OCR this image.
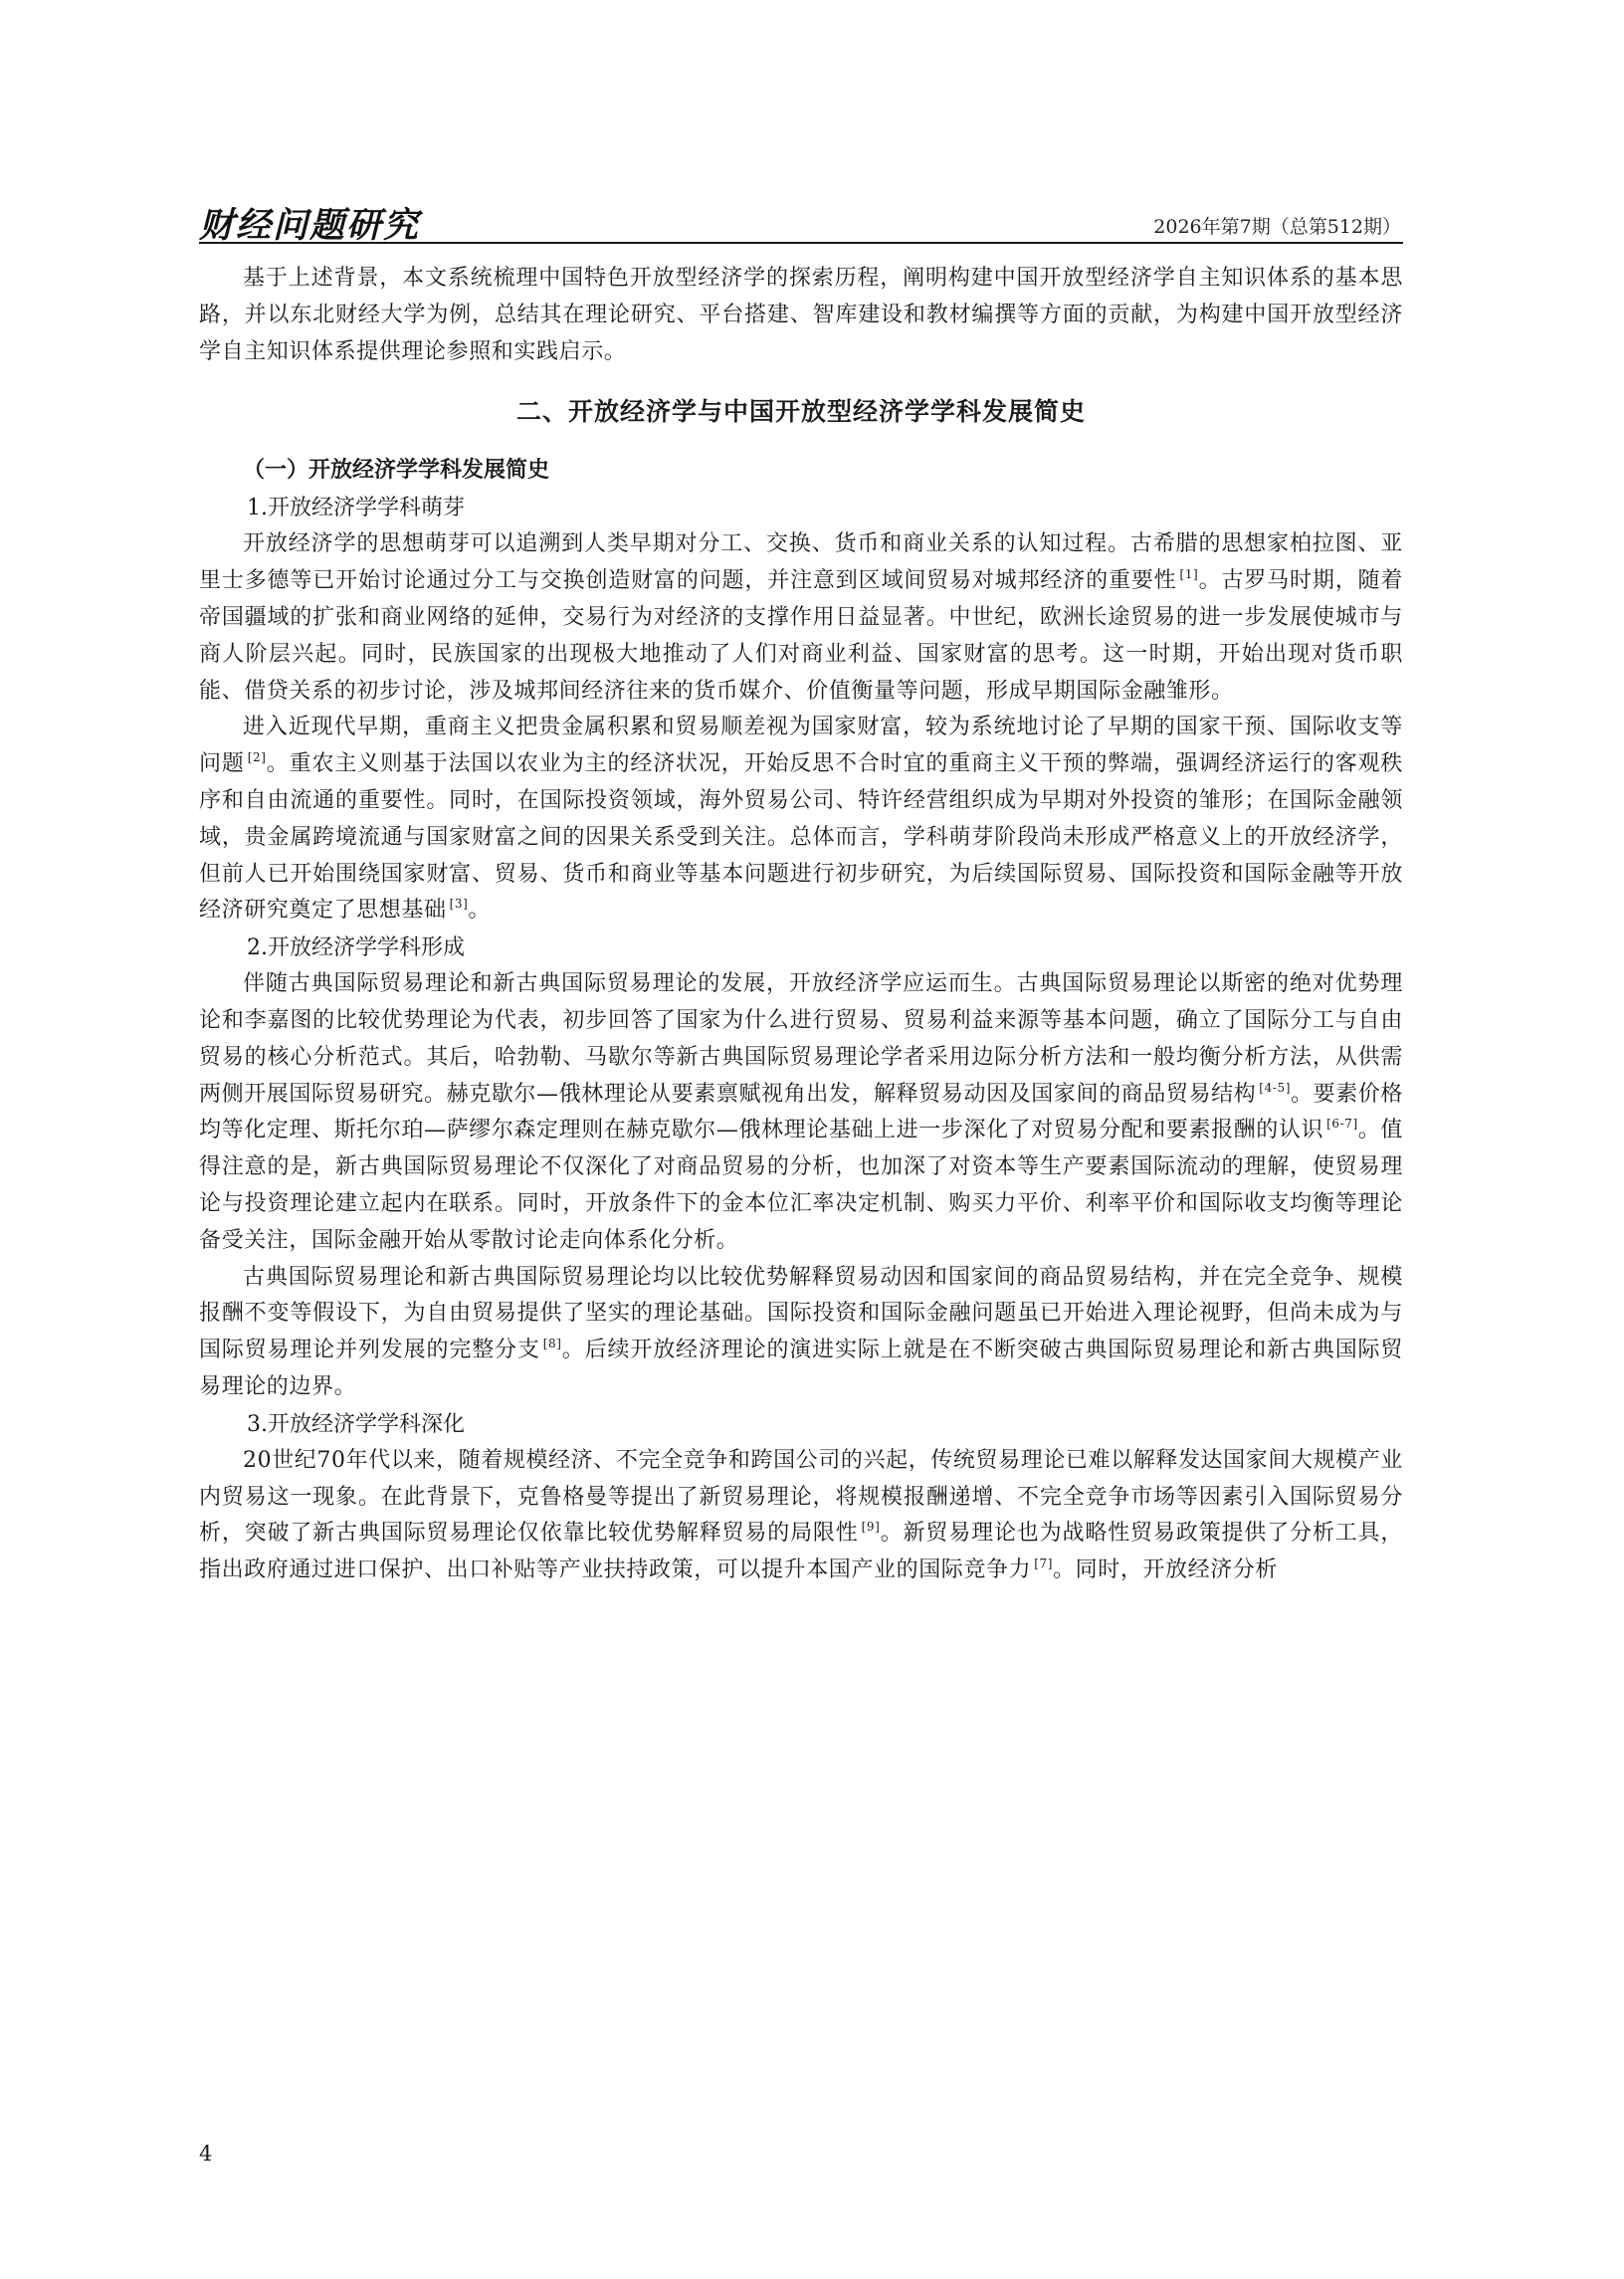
财经问题研究	2026年第7期（总第512期）

基于上述背景，本文系统梳理中国特色开放型经济学的探索历程，阐明构建中国开放型经济学自主知识体系的基本思路，并以东北财经大学为例，总结其在理论研究、平台搭建、智库建设和教材编撰等方面的贡献，为构建中国开放型经济学自主知识体系提供理论参照和实践启示。

二、开放经济学与中国开放型经济学学科发展简史
（一）开放经济学学科发展简史
1.开放经济学学科萌芽

开放经济学的思想萌芽可以追溯到人类早期对分工、交换、货币和商业关系的认知过程。古希腊的思想家柏拉图、亚里士多德等已开始讨论通过分工与交换创造财富的问题，并注意到区域间贸易对城邦经济的重要性 [1]。古罗马时期，随着帝国疆域的扩张和商业网络的延伸，交易行为对经济的支撑作用日益显著。中世纪，欧洲长途贸易的进一步发展使城市与商人阶层兴起。同时，民族国家的出现极大地推动了人们对商业利益、国家财富的思考。这一时期，开始出现对货币职能、借贷关系的初步讨论，涉及城邦间经济往来的货币媒介、价值衡量等问题，形成早期国际金融雏形。

进入近现代早期，重商主义把贵金属积累和贸易顺差视为国家财富，较为系统地讨论了早期的国家干预、国际收支等问题 [2]。重农主义则基于法国以农业为主的经济状况，开始反思不合时宜的重商主义干预的弊端，强调经济运行的客观秩序和自由流通的重要性。同时，在国际投资领域，海外贸易公司、特许经营组织成为早期对外投资的雏形；在国际金融领域，贵金属跨境流通与国家财富之间的因果关系受到关注。总体而言，学科萌芽阶段尚未形成严格意义上的开放经济学，但前人已开始围绕国家财富、贸易、货币和商业等基本问题进行初步研究，为后续国际贸易、国际投资和国际金融等开放经济研究奠定了思想基础 [3]。

2.开放经济学学科形成

伴随古典国际贸易理论和新古典国际贸易理论的发展，开放经济学应运而生。古典国际贸易理论以斯密的绝对优势理论和李嘉图的比较优势理论为代表，初步回答了国家为什么进行贸易、贸易利益来源等基本问题，确立了国际分工与自由贸易的核心分析范式。其后，哈勃勒、马歇尔等新古典国际贸易理论学者采用边际分析方法和一般均衡分析方法，从供需两侧开展国际贸易研究。赫克歇尔—俄林理论从要素禀赋视角出发，解释贸易动因及国家间的商品贸易结构 [4-5]。要素价格均等化定理、斯托尔珀—萨缪尔森定理则在赫克歇尔—俄林理论基础上进一步深化了对贸易分配和要素报酬的认识 [6-7]。值得注意的是，新古典国际贸易理论不仅深化了对商品贸易的分析，也加深了对资本等生产要素国际流动的理解，使贸易理论与投资理论建立起内在联系。同时，开放条件下的金本位汇率决定机制、购买力平价、利率平价和国际收支均衡等理论备受关注，国际金融开始从零散讨论走向体系化分析。

古典国际贸易理论和新古典国际贸易理论均以比较优势解释贸易动因和国家间的商品贸易结构，并在完全竞争、规模报酬不变等假设下，为自由贸易提供了坚实的理论基础。国际投资和国际金融问题虽已开始进入理论视野，但尚未成为与国际贸易理论并列发展的完整分支 [8]。后续开放经济理论的演进实际上就是在不断突破古典国际贸易理论和新古典国际贸易理论的边界。

3.开放经济学学科深化

20世纪70年代以来，随着规模经济、不完全竞争和跨国公司的兴起，传统贸易理论已难以解释发达国家间大规模产业内贸易这一现象。在此背景下，克鲁格曼等提出了新贸易理论，将规模报酬递增、不完全竞争市场等因素引入国际贸易分析，突破了新古典国际贸易理论仅依靠比较优势解释贸易的局限性 [9]。新贸易理论也为战略性贸易政策提供了分析工具，指出政府通过进口保护、出口补贴等产业扶持政策，可以提升本国产业的国际竞争力 [7]。同时，开放经济分析

4
